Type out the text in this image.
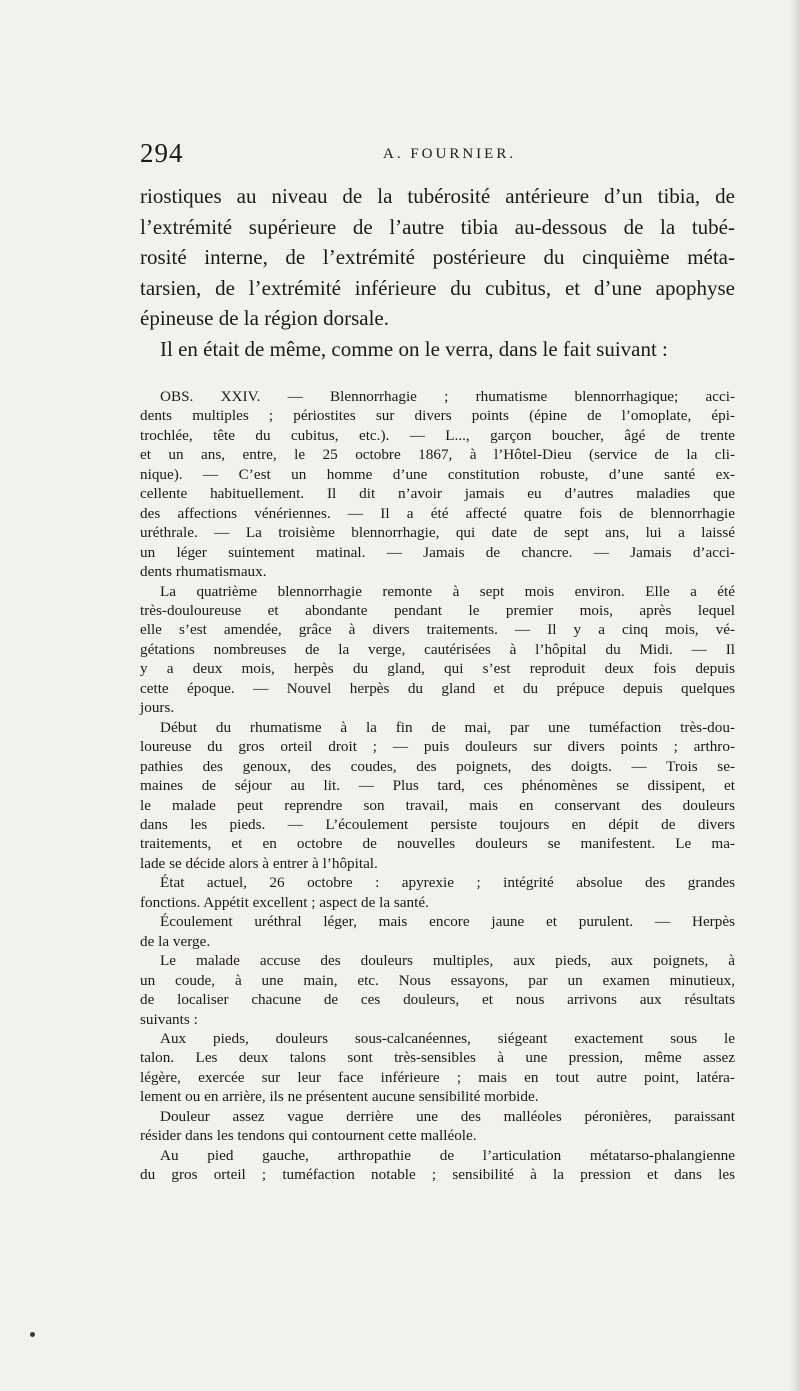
294	A. FOURNIER.
riostiques au niveau de la tubérosité antérieure d’un tibia, de
l’extrémité supérieure de l’autre tibia au-dessous de la tubé-
rosité interne, de l’extrémité postérieure du cinquième méta-
tarsien, de l’extrémité inférieure du cubitus, et d’une apophyse
épineuse de la région dorsale.
Il en était de même, comme on le verra, dans le fait suivant :
OBS. XXIV. — Blennorrhagie ; rhumatisme blennorrhagique; acci-
dents multiples ; périostites sur divers points (épine de l’omoplate, épi-
trochlée, tête du cubitus, etc.). — L..., garçon boucher, âgé de trente
et un ans, entre, le 25 octobre 1867, à l’Hôtel-Dieu (service de la cli-
nique). — C’est un homme d’une constitution robuste, d’une santé ex-
cellente habituellement. Il dit n’avoir jamais eu d’autres maladies que
des affections vénériennes. — Il a été affecté quatre fois de blennorrhagie
uréthrale. — La troisième blennorrhagie, qui date de sept ans, lui a laissé
un léger suintement matinal. — Jamais de chancre. — Jamais d’acci-
dents rhumatismaux.
La quatrième blennorrhagie remonte à sept mois environ. Elle a été
très-douloureuse et abondante pendant le premier mois, après lequel
elle s’est amendée, grâce à divers traitements. — Il y a cinq mois, vé-
gétations nombreuses de la verge, cautérisées à l’hôpital du Midi. — Il
y a deux mois, herpès du gland, qui s’est reproduit deux fois depuis
cette époque. — Nouvel herpès du gland et du prépuce depuis quelques
jours.
Début du rhumatisme à la fin de mai, par une tuméfaction très-dou-
loureuse du gros orteil droit ; — puis douleurs sur divers points ; arthro-
pathies des genoux, des coudes, des poignets, des doigts. — Trois se-
maines de séjour au lit. — Plus tard, ces phénomènes se dissipent, et
le malade peut reprendre son travail, mais en conservant des douleurs
dans les pieds. — L’écoulement persiste toujours en dépit de divers
traitements, et en octobre de nouvelles douleurs se manifestent. Le ma-
lade se décide alors à entrer à l’hôpital.
État actuel, 26 octobre : apyrexie ; intégrité absolue des grandes
fonctions. Appétit excellent ; aspect de la santé.
Écoulement uréthral léger, mais encore jaune et purulent. — Herpès
de la verge.
Le malade accuse des douleurs multiples, aux pieds, aux poignets, à
un coude, à une main, etc. Nous essayons, par un examen minutieux,
de localiser chacune de ces douleurs, et nous arrivons aux résultats
suivants :
Aux pieds, douleurs sous-calcanéennes, siégeant exactement sous le
talon. Les deux talons sont très-sensibles à une pression, même assez
légère, exercée sur leur face inférieure ; mais en tout autre point, latéra-
lement ou en arrière, ils ne présentent aucune sensibilité morbide.
Douleur assez vague derrière une des malléoles péronières, paraissant
résider dans les tendons qui contournent cette malléole.
Au pied gauche, arthropathie de l’articulation métatarso-phalangienne
du gros orteil ; tuméfaction notable ; sensibilité à la pression et dans les
